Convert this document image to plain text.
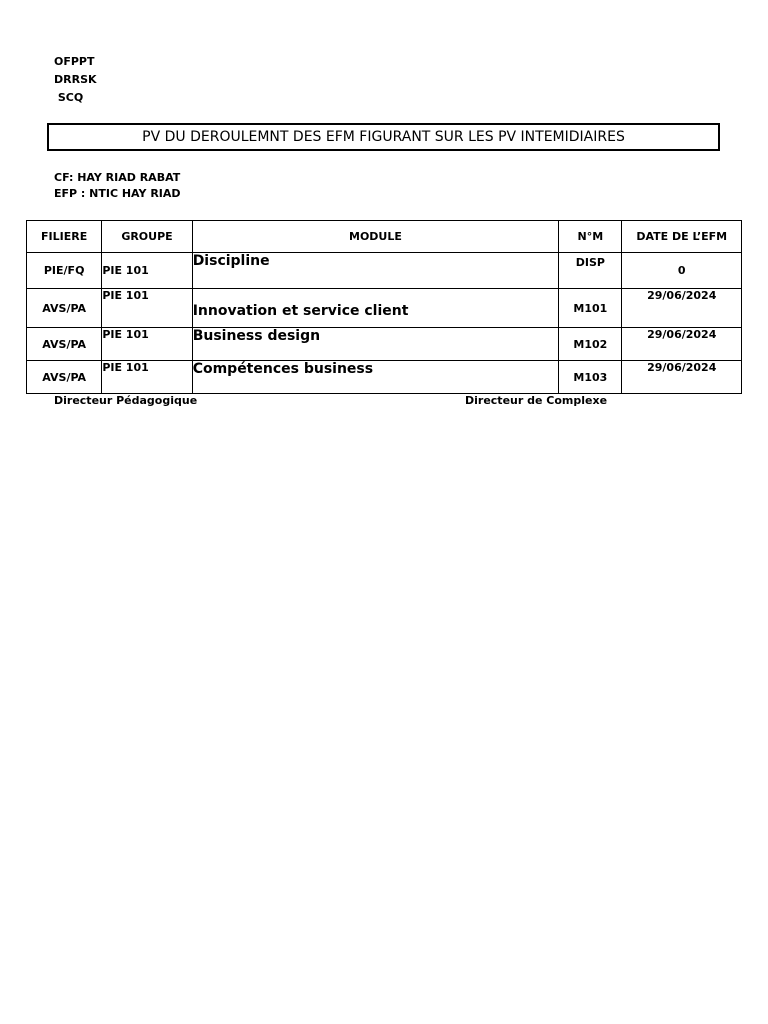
OFPPT
DRRSK
SCQ
PV DU DEROULEMNT DES EFM FIGURANT SUR LES PV INTEMIDIAIRES
CF: HAY RIAD RABAT
EFP : NTIC HAY RIAD
FILIERE	GROUPE	MODULE	N°M	DATE DE L’EFM
PIE/FQ	PIE 101	Discipline	DISP	0
AVS/PA	PIE 101	Innovation et service client	M101	29/06/2024
AVS/PA	PIE 101	Business design	M102	29/06/2024
AVS/PA	PIE 101	Compétences business	M103	29/06/2024
Directeur Pédagogique	Directeur de Complexe
